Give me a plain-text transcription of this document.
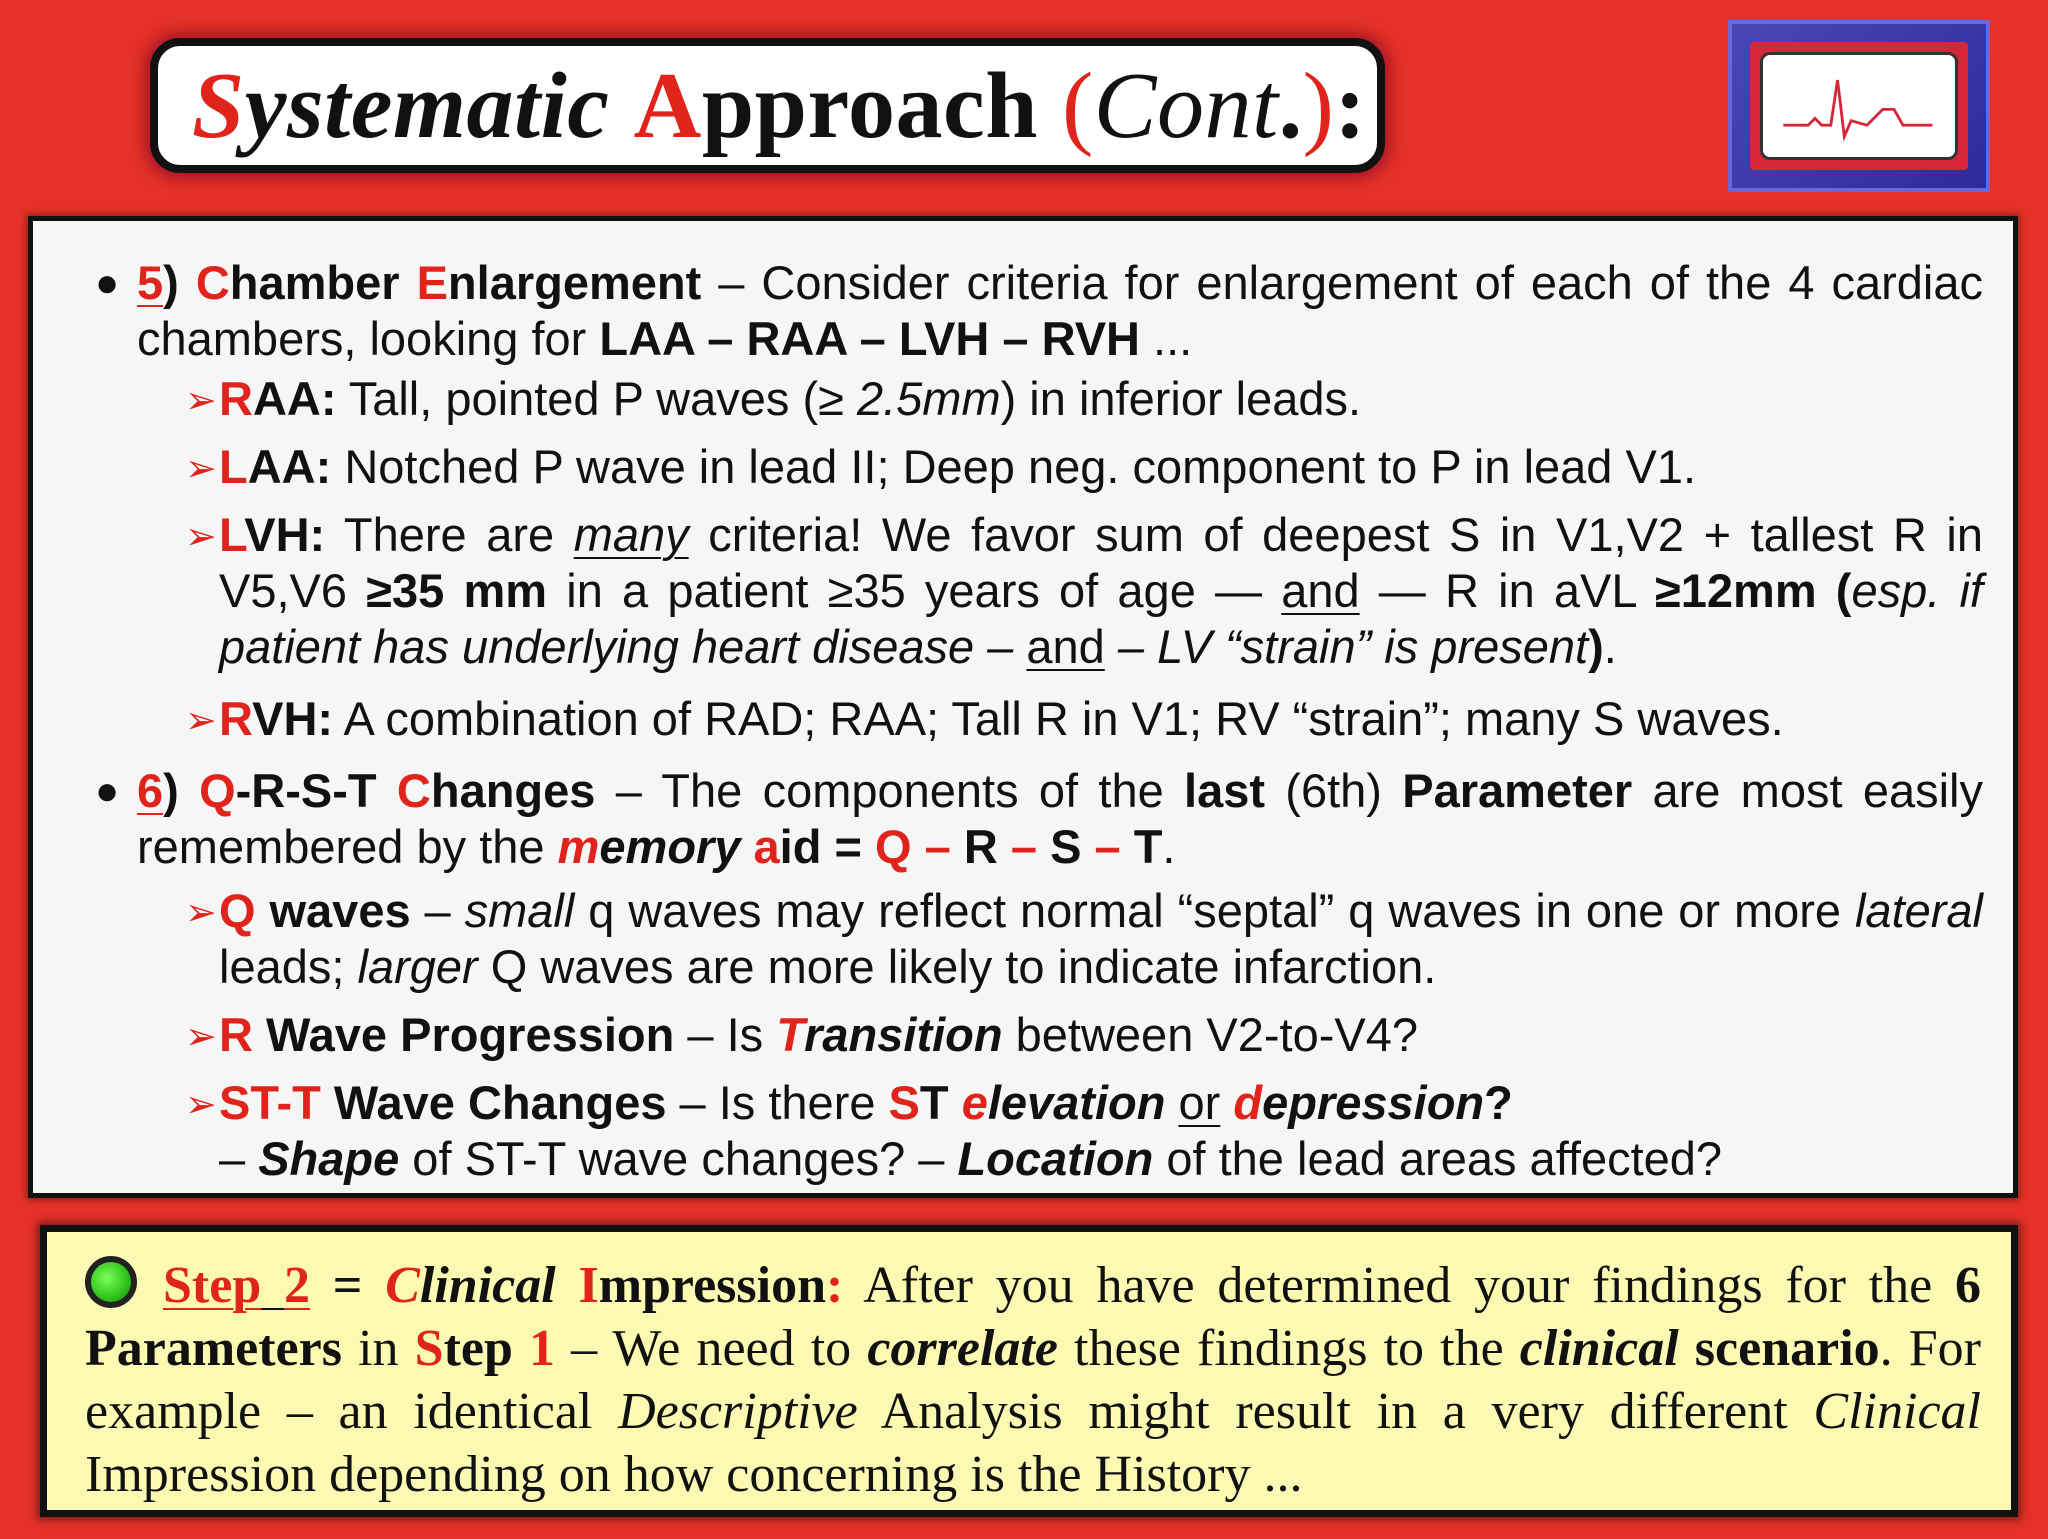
S ystematic
A pproach
( Cont . ) :
● 5) Chamber Enlargement – Consider criteria for enlargement of each of the 4 cardiac chambers, looking for LAA – RAA – LVH – RVH ...
➢ RAA: Tall, pointed P waves (≥ 2.5mm) in inferior leads.
➢ LAA: Notched P wave in lead II; Deep neg. component to P in lead V1.
➢ LVH: There are many criteria! We favor sum of deepest S in V1,V2 + tallest R in V5,V6 ≥35 mm in a patient ≥35 years of age — and — R in aVL ≥12mm (esp. if patient has underlying heart disease – and – LV “strain” is present).
➢ RVH: A combination of RAD; RAA; Tall R in V1; RV “strain”; many S waves.
● 6) Q-R-S-T Changes – The components of the last (6th) Parameter are most easily remembered by the memory aid = Q – R – S – T.
➢ Q waves – small q waves may reflect normal “septal” q waves in one or more lateral leads; larger Q waves are more likely to indicate infarction.
➢ R Wave Progression – Is Transition between V2-to-V4?
➢ ST-T Wave Changes – Is there ST elevation or depression?
– Shape of ST-T wave changes? – Location of the lead areas affected?
Step 2 = Clinical Impression: After you have determined your findings for the 6 Parameters in Step 1 – We need to correlate these findings to the clinical scenario. For example – an identical Descriptive Analysis might result in a very different Clinical Impression depending on how concerning is the History ...
